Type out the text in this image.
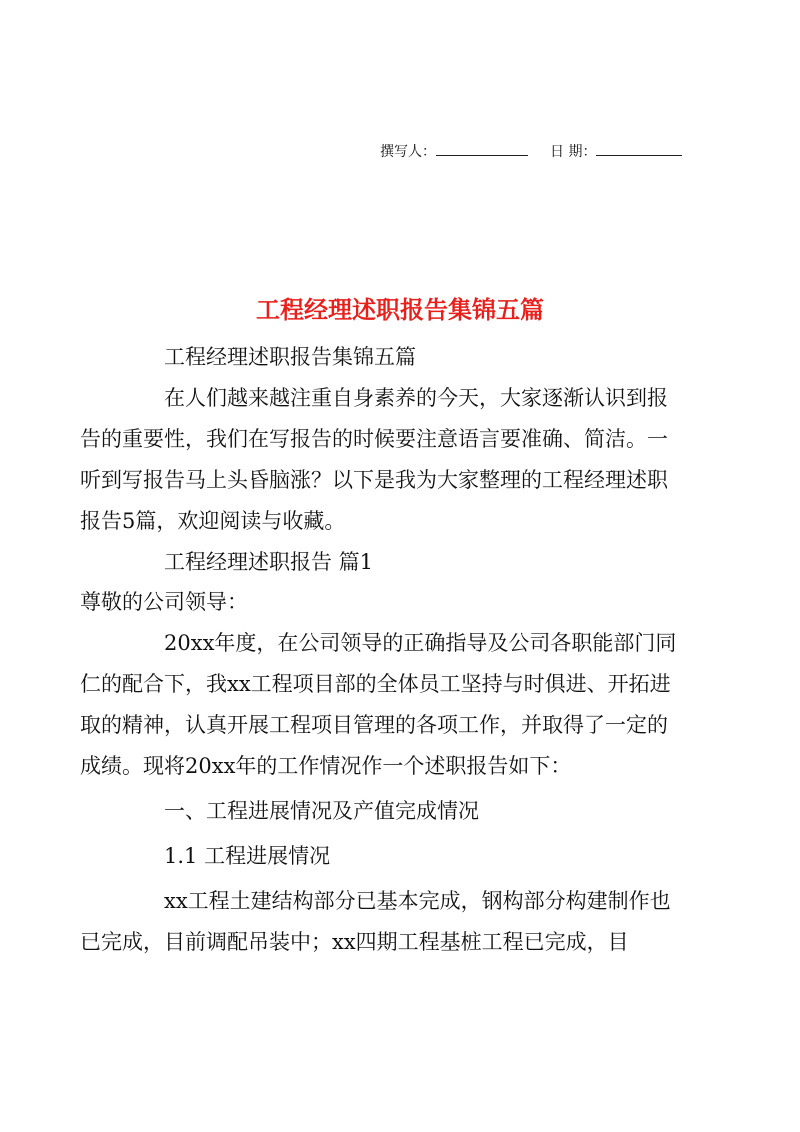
撰写人：	日 期：
工程经理述职报告集锦五篇

工程经理述职报告集锦五篇

在人们越来越注重自身素养的今天，大家逐渐认识到报告的重要性，我们在写报告的时候要注意语言要准确、简洁。一听到写报告马上头昏脑涨？以下是我为大家整理的工程经理述职报告5篇，欢迎阅读与收藏。

工程经理述职报告 篇1

尊敬的公司领导：

20xx年度，在公司领导的正确指导及公司各职能部门同仁的配合下，我xx工程项目部的全体员工坚持与时俱进、开拓进取的精神，认真开展工程项目管理的各项工作，并取得了一定的成绩。现将20xx年的工作情况作一个述职报告如下：

一、工程进展情况及产值完成情况

1.1 工程进展情况

xx工程土建结构部分已基本完成，钢构部分构建制作也已完成，目前调配吊装中；xx四期工程基桩工程已完成，目
